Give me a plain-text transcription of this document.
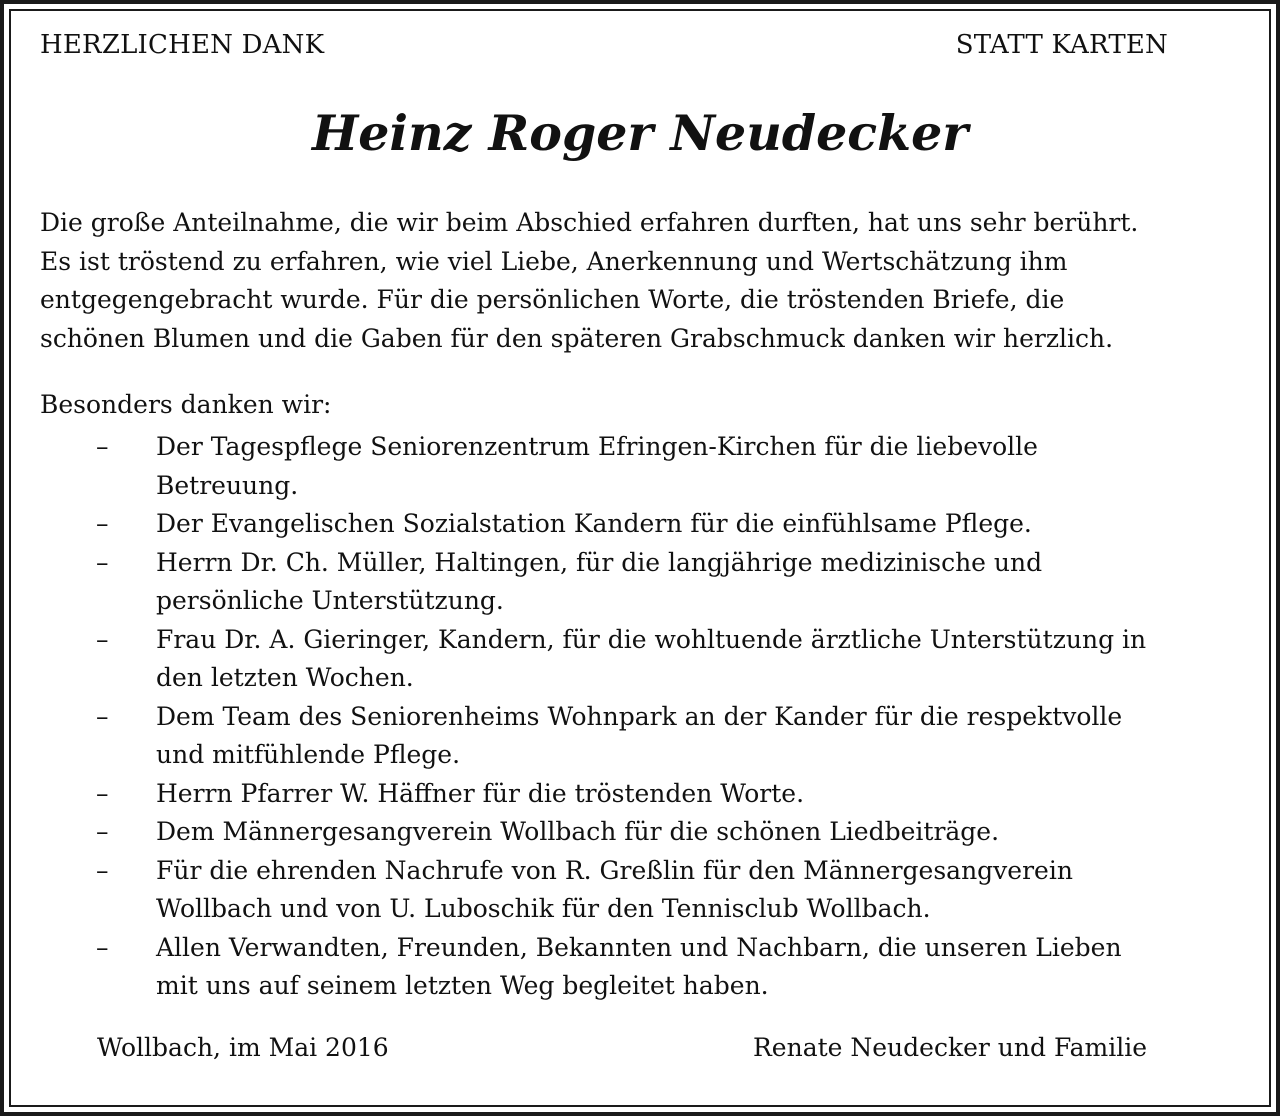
HERZLICHEN DANK	STATT KARTEN
Heinz Roger Neudecker

Die große Anteilnahme, die wir beim Abschied erfahren durften, hat uns sehr berührt.
Es ist tröstend zu erfahren, wie viel Liebe, Anerkennung und Wertschätzung ihm
entgegengebracht wurde. Für die persönlichen Worte, die tröstenden Briefe, die
schönen Blumen und die Gaben für den späteren Grabschmuck danken wir herzlich.

Besonders danken wir:
–	Der Tagespflege Seniorenzentrum Efringen-Kirchen für die liebevolle
Betreuung.
–	Der Evangelischen Sozialstation Kandern für die einfühlsame Pflege.
–	Herrn Dr. Ch. Müller, Haltingen, für die langjährige medizinische und
persönliche Unterstützung.
–	Frau Dr. A. Gieringer, Kandern, für die wohltuende ärztliche Unterstützung in
den letzten Wochen.
–	Dem Team des Seniorenheims Wohnpark an der Kander für die respektvolle
und mitfühlende Pflege.
–	Herrn Pfarrer W. Häffner für die tröstenden Worte.
–	Dem Männergesangverein Wollbach für die schönen Liedbeiträge.
–	Für die ehrenden Nachrufe von R. Greßlin für den Männergesangverein
Wollbach und von U. Luboschik für den Tennisclub Wollbach.
–	Allen Verwandten, Freunden, Bekannten und Nachbarn, die unseren Lieben
mit uns auf seinem letzten Weg begleitet haben.
Wollbach, im Mai 2016	Renate Neudecker und Familie
